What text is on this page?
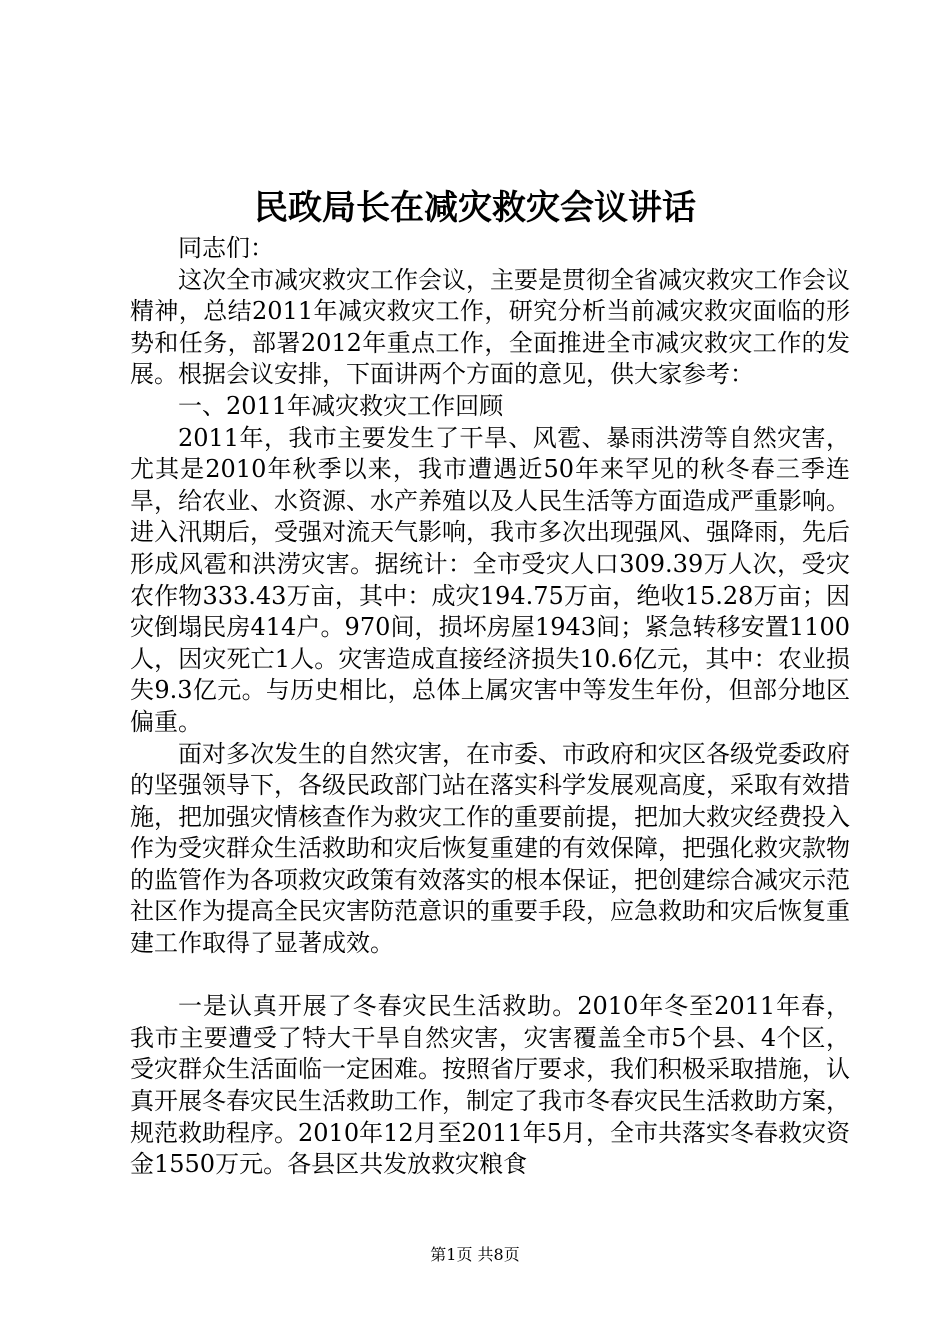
民政局长在减灾救灾会议讲话

同志们：

这次全市减灾救灾工作会议，主要是贯彻全省减灾救灾工作会议精神，总结2011年减灾救灾工作，研究分析当前减灾救灾面临的形势和任务，部署2012年重点工作，全面推进全市减灾救灾工作的发展。根据会议安排，下面讲两个方面的意见，供大家参考：

一、2011年减灾救灾工作回顾

2011年，我市主要发生了干旱、风雹、暴雨洪涝等自然灾害，尤其是2010年秋季以来，我市遭遇近50年来罕见的秋冬春三季连旱，给农业、水资源、水产养殖以及人民生活等方面造成严重影响。进入汛期后，受强对流天气影响，我市多次出现强风、强降雨，先后形成风雹和洪涝灾害。据统计：全市受灾人口309.39万人次，受灾农作物333.43万亩，其中：成灾194.75万亩，绝收15.28万亩；因灾倒塌民房414户。970间，损坏房屋1943间；紧急转移安置1100人，因灾死亡1人。灾害造成直接经济损失10.6亿元，其中：农业损失9.3亿元。与历史相比，总体上属灾害中等发生年份，但部分地区偏重。

面对多次发生的自然灾害，在市委、市政府和灾区各级党委政府的坚强领导下，各级民政部门站在落实科学发展观高度，采取有效措施，把加强灾情核查作为救灾工作的重要前提，把加大救灾经费投入作为受灾群众生活救助和灾后恢复重建的有效保障，把强化救灾款物的监管作为各项救灾政策有效落实的根本保证，把创建综合减灾示范社区作为提高全民灾害防范意识的重要手段，应急救助和灾后恢复重建工作取得了显著成效。

一是认真开展了冬春灾民生活救助。2010年冬至2011年春，我市主要遭受了特大干旱自然灾害，灾害覆盖全市5个县、4个区，受灾群众生活面临一定困难。按照省厅要求，我们积极采取措施，认真开展冬春灾民生活救助工作，制定了我市冬春灾民生活救助方案，规范救助程序。2010年12月至2011年5月，全市共落实冬春救灾资金1550万元。各县区共发放救灾粮食

第1页 共8页
